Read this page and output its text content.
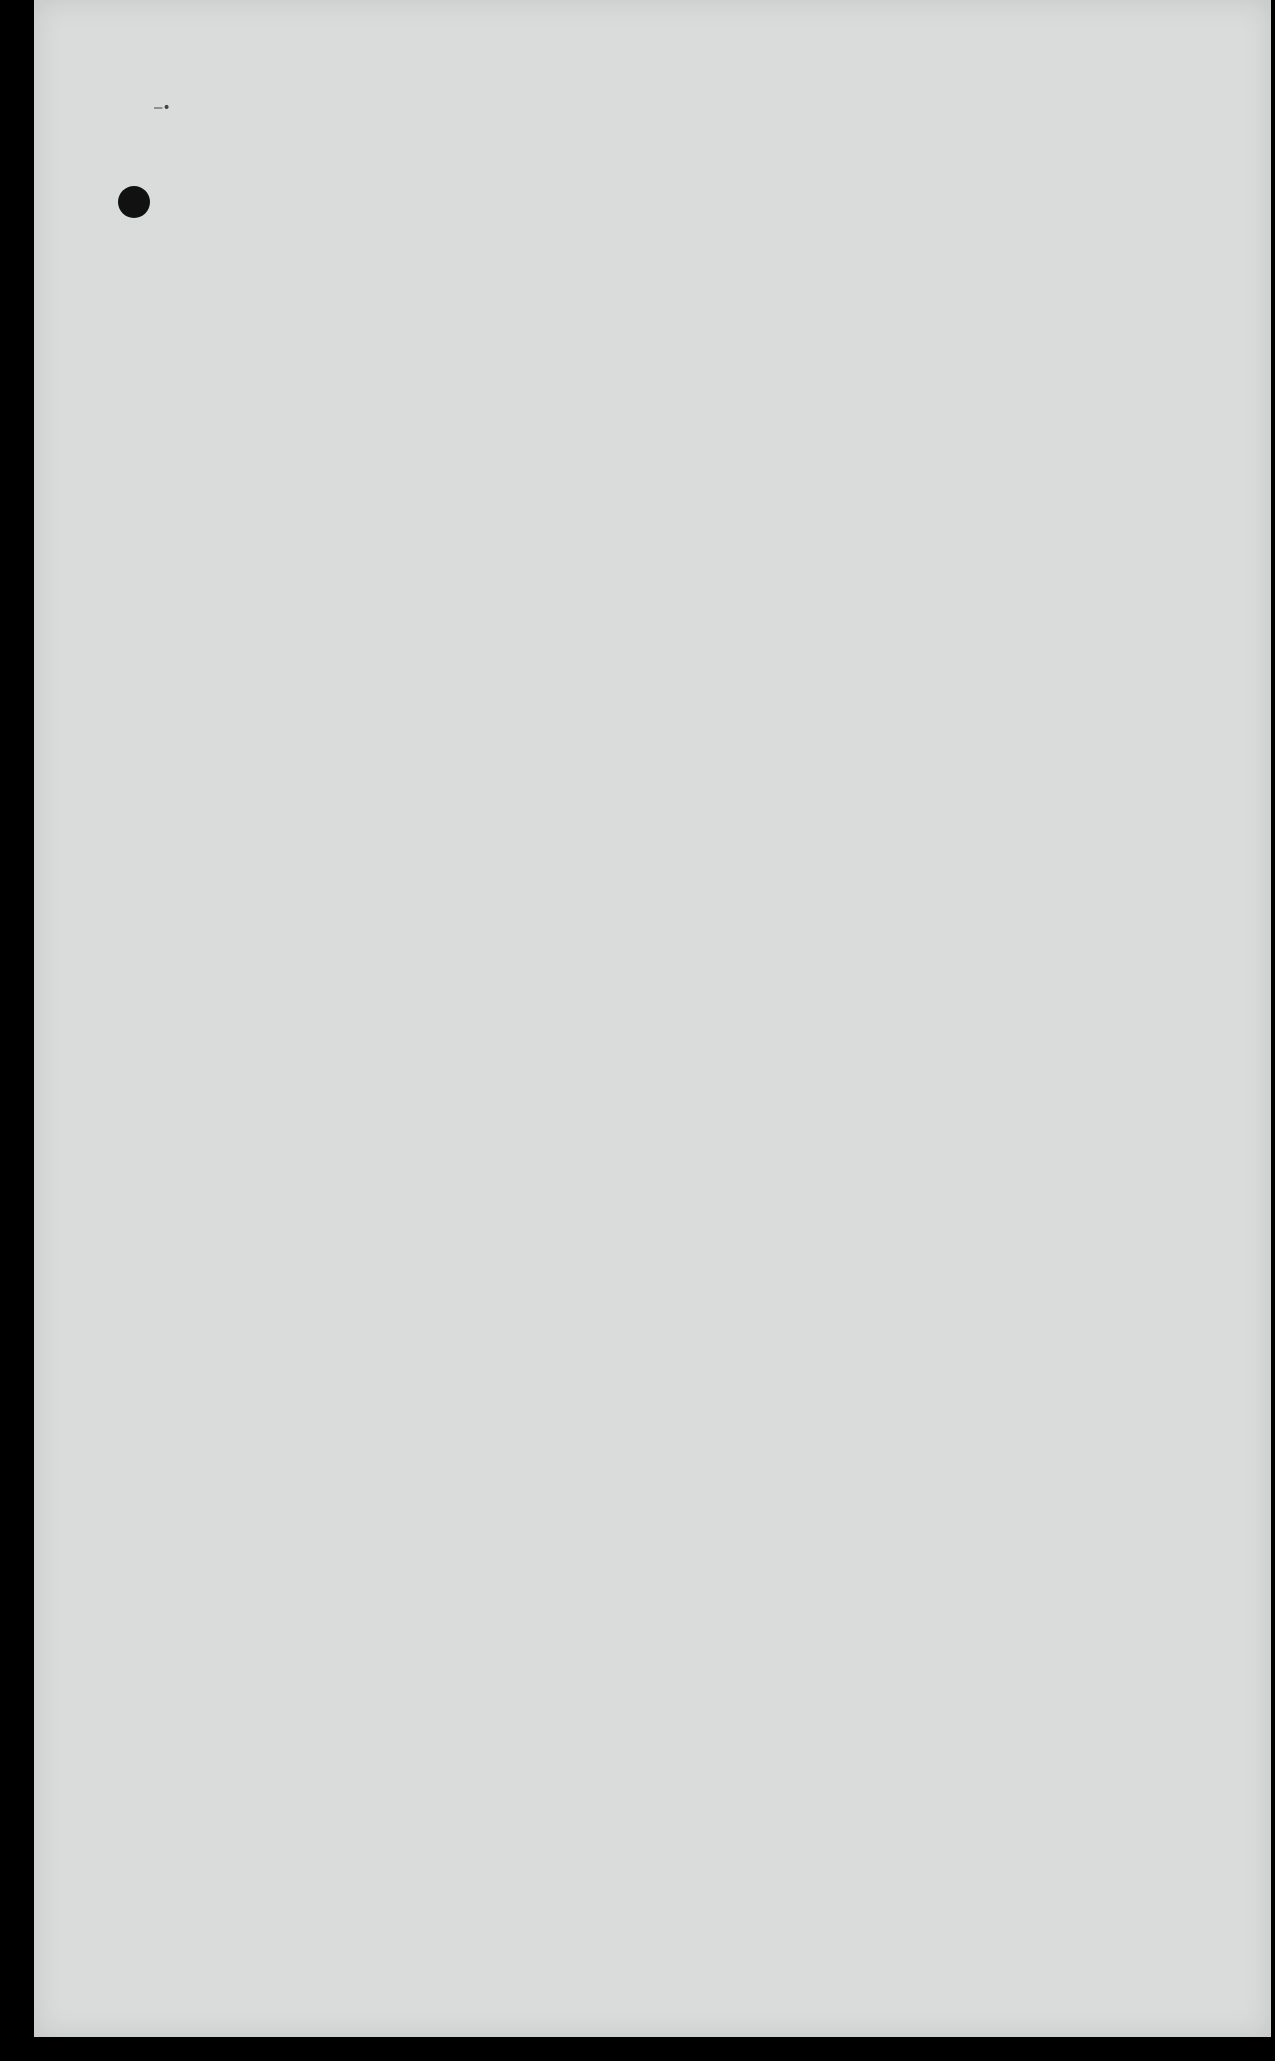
—•
